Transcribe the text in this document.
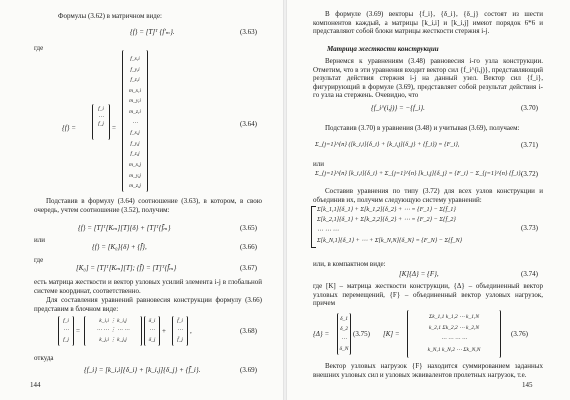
Формулы (3.62) в матричном виде:
{f} = [T]ᵀ {f'ₘ}.	(3.63)
где
{f} =
f_i
⋯
f_j	=
f_x,i
f_y,i
f_z,i
m_x,i
m_y,i
m_z,i
⋯
f_x,j
f_y,j
f_z,j
m_x,j
m_y,j
m_z,j
(3.64)
Подставив в формулу (3.64) соотношение (3.63), в котором, в свою очередь, учтем соотношение (3.52), получим:
{f} = [T]ᵀ[Kₘ][T]{δ} + [T]ᵀ{f̄ₘ}	(3.65)
или
{f} = [K₀]{δ} + {f̄},	(3.66)
где
[K₀] = [T]ᵀ[Kₘ][T]; {f̄} = [T]ᵀ{f̄ₘ}	(3.67)
есть матрица жесткости и вектор узловых усилий элемента i-j в глобальной системе координат, соответственно.
Для составления уравнений равновесия конструкции формулу (3.66) представим в блочном виде:
f_i
⋯
f_j
=
k_i,i ⋮ k_i,j
⋯ ⋯ ⋮ ⋯ ⋯
k_j,i ⋮ k_j,j
δ_i
⋯
δ_j
+
f̄_i
⋯
f̄_j
,	(3.68)
откуда
{f_i} = [k_i,i]{δ_i} + [k_i,j]{δ_j} + {f̄_i}.	(3.69)
144
В формуле (3.69) векторы {f_i}, {δ_i}, {δ_j} состоят из шести компонентов каждый, а матрицы [k_i,i] и [k_i,j] имеют порядок 6*6 и представляют собой блоки матрицы жесткости стержня i-j.
Матрица жесткости конструкции
Вернемся к уравнениям (3.48) равновесия i-го узла конструкции. Отметим, что в эти уравнения входит вектор сил {f_i^(i,j)}, представляющий результат действия стержня i-j на данный узел. Вектор сил {f_i}, фигурирующий в формуле (3.69), представляет собой результат действия i-го узла на стержень. Очевидно, что
{f_i^(i,j)} = −{f_i}.	(3.70)
Подставив (3.70) в уравнения (3.48) и учитывая (3.69), получаем:
Σ_{j=1}^{n} ([k_i,i]{δ_i} + [k_i,j]{δ_j} + {f̄_i}) = {F_i},	(3.71)
или
Σ_{j=1}^{n} [k_i,i]{δ_i} + Σ_{j=1}^{n} [k_i,j]{δ_j} = {F_i} − Σ_{j=1}^{n} {f̄_i}.
(3.72)
Составив уравнения по типу (3.72) для всех узлов конструкции и объединив их, получим следующую систему уравнений:
Σ[k_1,1]{δ_1} + Σ[k_1,2]{δ_2} + ⋯ = {F_1} − Σ{f̄_1}
Σ[k_2,1]{δ_1} + Σ[k_2,2]{δ_2} + ⋯ = {F_2} − Σ{f̄_2}
⋯ ⋯ ⋯
Σ[k_N,1]{δ_1} + ⋯ + Σ[k_N,N]{δ_N} = {F_N} − Σ{f̄_N}
(3.73)
или, в компактном виде:
[K]{Δ} = {F},	(3.74)
где [K] – матрица жесткости конструкции, {Δ} – объединенный вектор узловых перемещений, {F} – объединенный вектор узловых нагрузок, причем
{Δ} =
δ_1
δ_2
⋯
δ_N
(3.75) [K] =
Σk_1,1 k_1,2 ⋯ k_1,N
k_2,1 Σk_2,2 ⋯ k_2,N
⋯ ⋯ ⋯ ⋯
k_N,1 k_N,2 ⋯ Σk_N,N
(3.76)
Вектор узловых нагрузок {F} находится суммированием заданных внешних узловых сил и узловых эквивалентов пролетных нагрузок, т.е.
145
